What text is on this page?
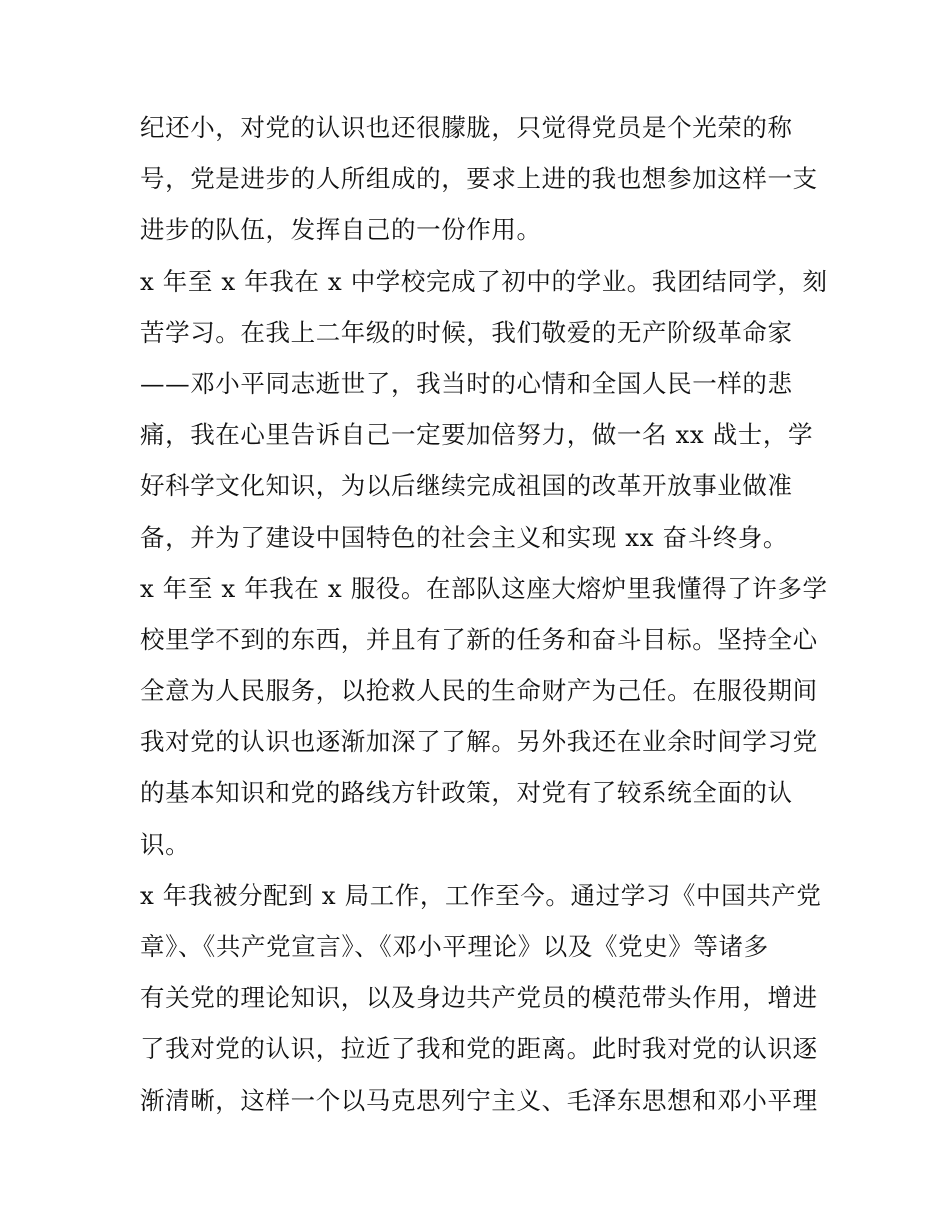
纪还小，对党的认识也还很朦胧，只觉得党员是个光荣的称
号，党是进步的人所组成的，要求上进的我也想参加这样一支
进步的队伍，发挥自己的一份作用。
x 年至 x 年我在 x 中学校完成了初中的学业。我团结同学，刻
苦学习。在我上二年级的时候，我们敬爱的无产阶级革命家
——邓小平同志逝世了，我当时的心情和全国人民一样的悲
痛，我在心里告诉自己一定要加倍努力，做一名 xx 战士，学
好科学文化知识，为以后继续完成祖国的改革开放事业做准
备，并为了建设中国特色的社会主义和实现 xx 奋斗终身。
x 年至 x 年我在 x 服役。在部队这座大熔炉里我懂得了许多学
校里学不到的东西，并且有了新的任务和奋斗目标。坚持全心
全意为人民服务，以抢救人民的生命财产为己任。在服役期间
我对党的认识也逐渐加深了了解。另外我还在业余时间学习党
的基本知识和党的路线方针政策，对党有了较系统全面的认
识。
x 年我被分配到 x 局工作，工作至今。通过学习《中国共产党
章》、《共产党宣言》、《邓小平理论》以及《党史》等诸多
有关党的理论知识，以及身边共产党员的模范带头作用，增进
了我对党的认识，拉近了我和党的距离。此时我对党的认识逐
渐清晰，这样一个以马克思列宁主义、毛泽东思想和邓小平理
